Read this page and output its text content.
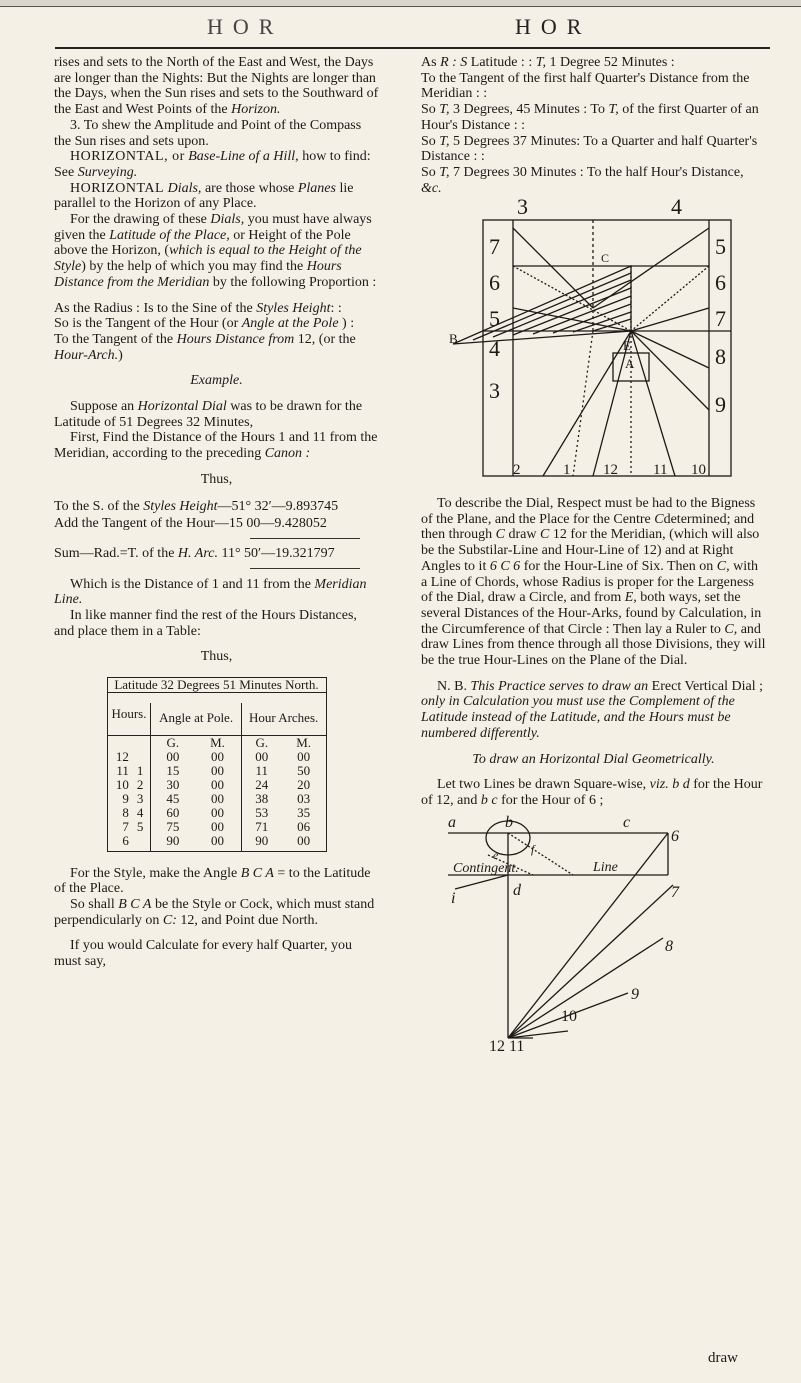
HOR	HOR

rises and sets to the North of the East and West, the Days are longer than the Nights: But the Nights are longer than the Days, when the Sun rises and sets to the Southward of the East and West Points of the Horizon.

3. To shew the Amplitude and Point of the Compass the Sun rises and sets upon.

HORIZONTAL, or Base-Line of a Hill, how to find: See Surveying.

HORIZONTAL Dials, are those whose Planes lie parallel to the Horizon of any Place.

For the drawing of these Dials, you must have always given the Latitude of the Place, or Height of the Pole above the Horizon, (which is equal to the Height of the Style) by the help of which you may find the Hours Distance from the Meridian by the following Proportion :

As the Radius : Is to the Sine of the Styles Height: :

So is the Tangent of the Hour (or Angle at the Pole ) :

To the Tangent of the Hours Distance from 12, (or the Hour-Arch.)

Example.

Suppose an Horizontal Dial was to be drawn for the Latitude of 51 Degrees 32 Minutes,

First, Find the Distance of the Hours 1 and 11 from the Meridian, according to the preceding Canon :

Thus,

To the S. of the Styles Height—51° 32′—9.893745

Add the Tangent of the Hour—15 00—9.428052

Sum—Rad.=T. of the H. Arc. 11° 50′—19.321797

Which is the Distance of 1 and 11 from the Meridian Line.

In like manner find the rest of the Hours Distances, and place them in a Table:

Thus,

Latitude 32 Degrees 51 Minutes North.					

Hours.		Angle at Pole.		Hour Arches.	
		G.	M.	G.	M.
12		00	00	00	00
11	1	15	00	11	50
10	2	30	00	24	20
9	3	45	00	38	03
8	4	60	00	53	35
7	5	75	00	71	06
6		90	00	90	00

For the Style, make the Angle B C A = to the Latitude of the Place.

So shall B C A be the Style or Cock, which must stand perpendicularly on C: 12, and Point due North.

If you would Calculate for every half Quarter, you must say,

As R : S Latitude : : T, 1 Degree 52 Minutes :

To the Tangent of the first half Quarter's Distance from the Meridian : :

So T, 3 Degrees, 45 Minutes : To T, of the first Quarter of an Hour's Distance : :

So T, 5 Degrees 37 Minutes: To a Quarter and half Quarter's Distance : :

So T, 7 Degrees 30 Minutes : To the half Hour's Distance, &c.

3	4
7
6
5
4
3
5
6
7
8
9
2	1 12 11 10
C
E
A
B

To describe the Dial, Respect must be had to the Bigness of the Plane, and the Place for the Centre Cdetermined; and then through C draw C 12 for the Meridian, (which will also be the Substilar-Line and Hour-Line of 12) and at Right Angles to it 6 C 6 for the Hour-Line of Six. Then on C, with a Line of Chords, whose Radius is proper for the Largeness of the Dial, draw a Circle, and from E, both ways, set the several Distances of the Hour-Arks, found by Calculation, in the Circumference of that Circle : Then lay a Ruler to C, and draw Lines from thence through all those Divisions, they will be the true Hour-Lines on the Plane of the Dial.

N. B. This Practice serves to draw an Erect Vertical Dial ; only in Calculation you must use the Complement of the Latitude instead of the Latitude, and the Hours must be numbered differently.

To draw an Horizontal Dial Geometrically.

Let two Lines be drawn Square-wise, viz. b d for the Hour of 12, and b c for the Hour of 6 ;

a	b	c
e	f
i	d
6
Contingent.	Line
7
8
9
10
12 11
draw
